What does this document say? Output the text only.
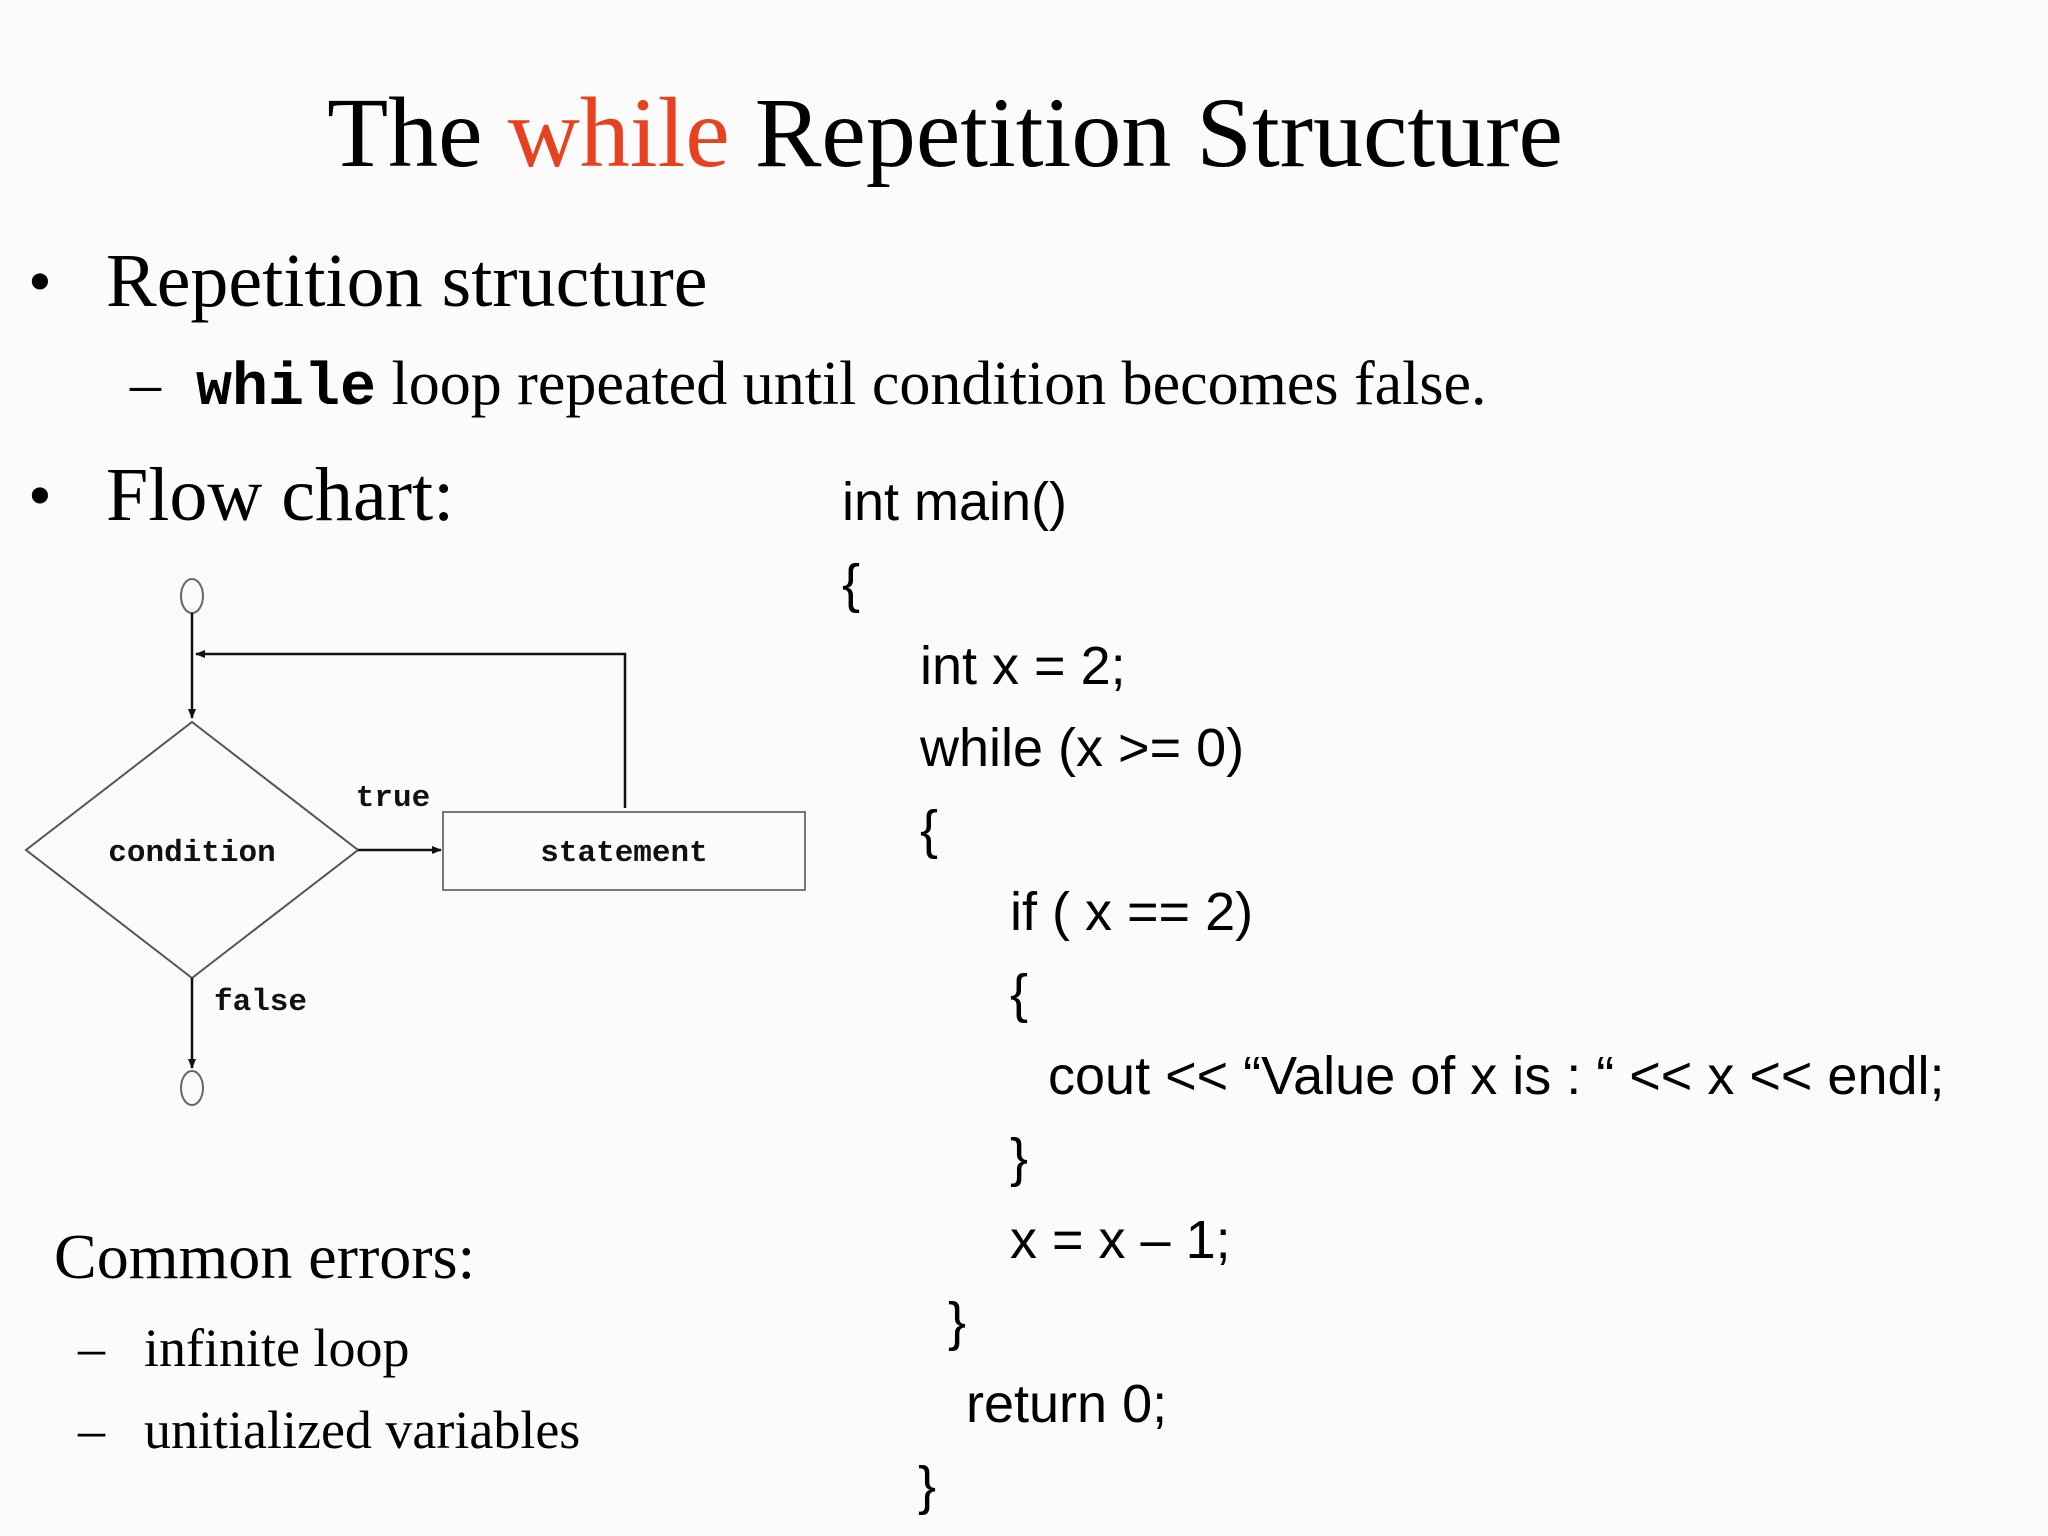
The while Repetition Structure
• Repetition structure
– while loop repeated until condition becomes false.
• Flow chart:
condition
true
statement
false
int main()
{
int x = 2;
while (x >= 0)
{
if ( x == 2)
{
cout << “Value of x is : “ << x << endl;
}
x = x – 1;
}
return 0;
}
Common errors:
– infinite loop
– unitialized variables
